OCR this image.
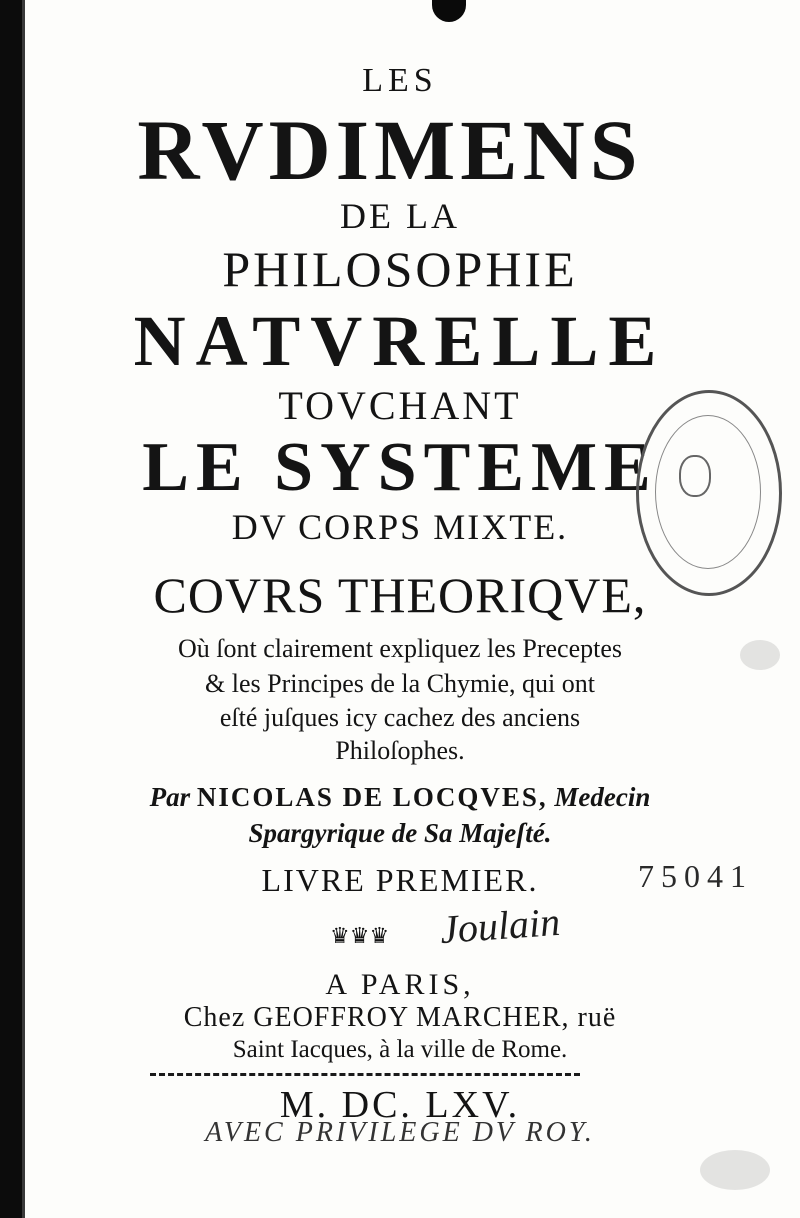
LES
RVDIMENS
DE LA
PHILOSOPHIE
NATVRELLE
TOVCHANT
LE SYSTEME
DV CORPS MIXTE.
COVRS THEORIQVE,
Où ſont clairement expliquez les Preceptes
& les Principes de la Chymie, qui ont
eſté juſques icy cachez des anciens
Philoſophes.
Par NICOLAS DE LOCQVES, Medecin
Spargyrique de Sa Majeſté.
LIVRE PREMIER.
♛♛♛
A PARIS,
Chez GEOFFROY MARCHER, ruë
Saint Iacques, à la ville de Rome.
M. DC. LXV.
AVEC PRIVILEGE DV ROY.
75041
Joulain
